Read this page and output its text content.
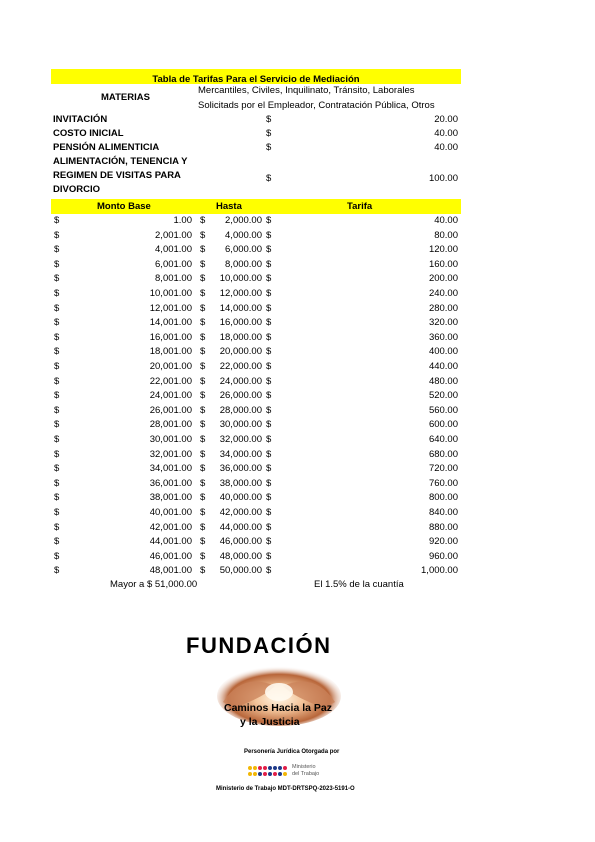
Tabla de Tarifas Para el Servicio de Mediación
MATERIAS
Mercantiles, Civiles, Inquilinato, Tránsito, Laborales
Solicitads por el Empleador, Contratación Pública, Otros
INVITACIÓN	$	20.00
COSTO INICIAL	$	40.00
PENSIÓN ALIMENTICIA	$	40.00
ALIMENTACIÓN, TENENCIA Y
REGIMEN DE VISITAS PARA
DIVORCIO
$	100.00
Monto Base	Hasta	Tarifa
$	1.00 $	2,000.00 $	40.00
$	2,001.00 $	4,000.00 $	80.00
$	4,001.00 $	6,000.00 $	120.00
$	6,001.00 $	8,000.00 $	160.00
$	8,001.00 $	10,000.00 $	200.00
$	10,001.00 $	12,000.00 $	240.00
$	12,001.00 $	14,000.00 $	280.00
$	14,001.00 $	16,000.00 $	320.00
$	16,001.00 $	18,000.00 $	360.00
$	18,001.00 $	20,000.00 $	400.00
$	20,001.00 $	22,000.00 $	440.00
$	22,001.00 $	24,000.00 $	480.00
$	24,001.00 $	26,000.00 $	520.00
$	26,001.00 $	28,000.00 $	560.00
$	28,001.00 $	30,000.00 $	600.00
$	30,001.00 $	32,000.00 $	640.00
$	32,001.00 $	34,000.00 $	680.00
$	34,001.00 $	36,000.00 $	720.00
$	36,001.00 $	38,000.00 $	760.00
$	38,001.00 $	40,000.00 $	800.00
$	40,001.00 $	42,000.00 $	840.00
$	42,001.00 $	44,000.00 $	880.00
$	44,001.00 $	46,000.00 $	920.00
$	46,001.00 $	48,000.00 $	960.00
$	48,001.00 $	50,000.00 $	1,000.00
Mayor a $ 51,000.00	El 1.5% de la cuantía
FUNDACIÓN
Caminos Hacia la Paz
y la Justicia
Personería Jurídica Otorgada por
Ministerio
del Trabajo
Ministerio de Trabajo MDT-DRTSPQ-2023-5191-O
